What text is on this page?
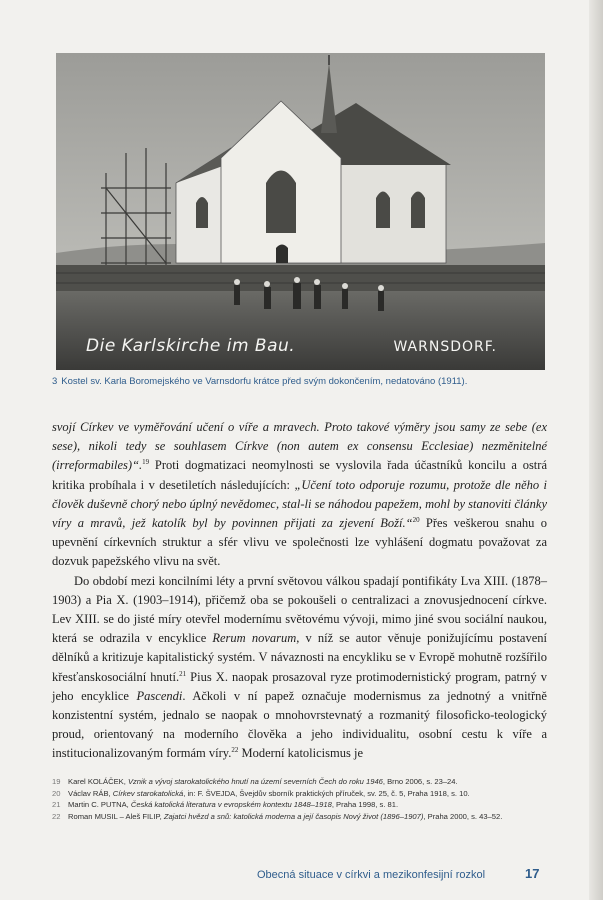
Die Karlskirche im Bau.	WARNSDORF.
3 Kostel sv. Karla Boromejského ve Varnsdorfu krátce před svým dokončením, nedatováno (1911).

svojí Církev ve vyměřování učení o víře a mravech. Proto takové výměry jsou samy ze sebe (ex sese), nikoli tedy se souhlasem Církve (non autem ex consensu Ecclesiae) nezměnitelné (irreformabiles)“.$^{19}$ Proti dogmatizaci neomylnosti se vyslovila řada účastníků koncilu a ostrá kritika probíhala i v desetiletích následujících: „Učení toto odporuje rozumu, protože dle něho i člověk duševně chorý nebo úplný nevědomec, stal-li se náhodou papežem, mohl by stanoviti články víry a mravů, jež katolík byl by povinnen přijati za zjevení Boží.“$^{20}$ Přes veškerou snahu o upevnění církevních struktur a sfér vlivu ve společnosti lze vyhlášení dogmatu považovat za dozvuk papežského vlivu na svět.

Do období mezi koncilními léty a první světovou válkou spadají pontifikáty Lva XIII. (1878–1903) a Pia X. (1903–1914), přičemž oba se pokoušeli o centralizaci a znovusjednocení církve. Lev XIII. se do jisté míry otevřel modernímu světovému vývoji, mimo jiné svou sociální naukou, která se odrazila v encyklice Rerum novarum, v níž se autor věnuje ponižujícímu postavení dělníků a kritizuje kapitalistický systém. V návaznosti na encykliku se v Evropě mohutně rozšířilo křesťanskosociální hnutí.$^{21}$ Pius X. naopak prosazoval ryze protimodernistický program, patrný v jeho encyklice Pascendi. Ačkoli v ní papež označuje modernismus za jednotný a vnitřně konzistentní systém, jednalo se naopak o mnohovrstevnatý a rozmanitý filosoficko-teologický proud, orientovaný na moderního člověka a jeho individualitu, osobní cestu k víře a institucionalizovaným formám víry.$^{22}$ Moderní katolicismus je

19 Karel KOLÁČEK, Vznik a vývoj starokatolického hnutí na území severních Čech do roku 1946, Brno 2006, s. 23–24.
20 Václav RÁB, Církev starokatolická, in: F. ŠVEJDA, Švejdův sborník praktických příruček, sv. 25, č. 5, Praha 1918, s. 10.
21 Martin C. PUTNA, Česká katolická literatura v evropském kontextu 1848–1918, Praha 1998, s. 81.
22 Roman MUSIL – Aleš FILIP, Zajatci hvězd a snů: katolická moderna a její časopis Nový život (1896–1907), Praha 2000, s. 43–52.
Obecná situace v církvi a mezikonfesijní rozkol	17
